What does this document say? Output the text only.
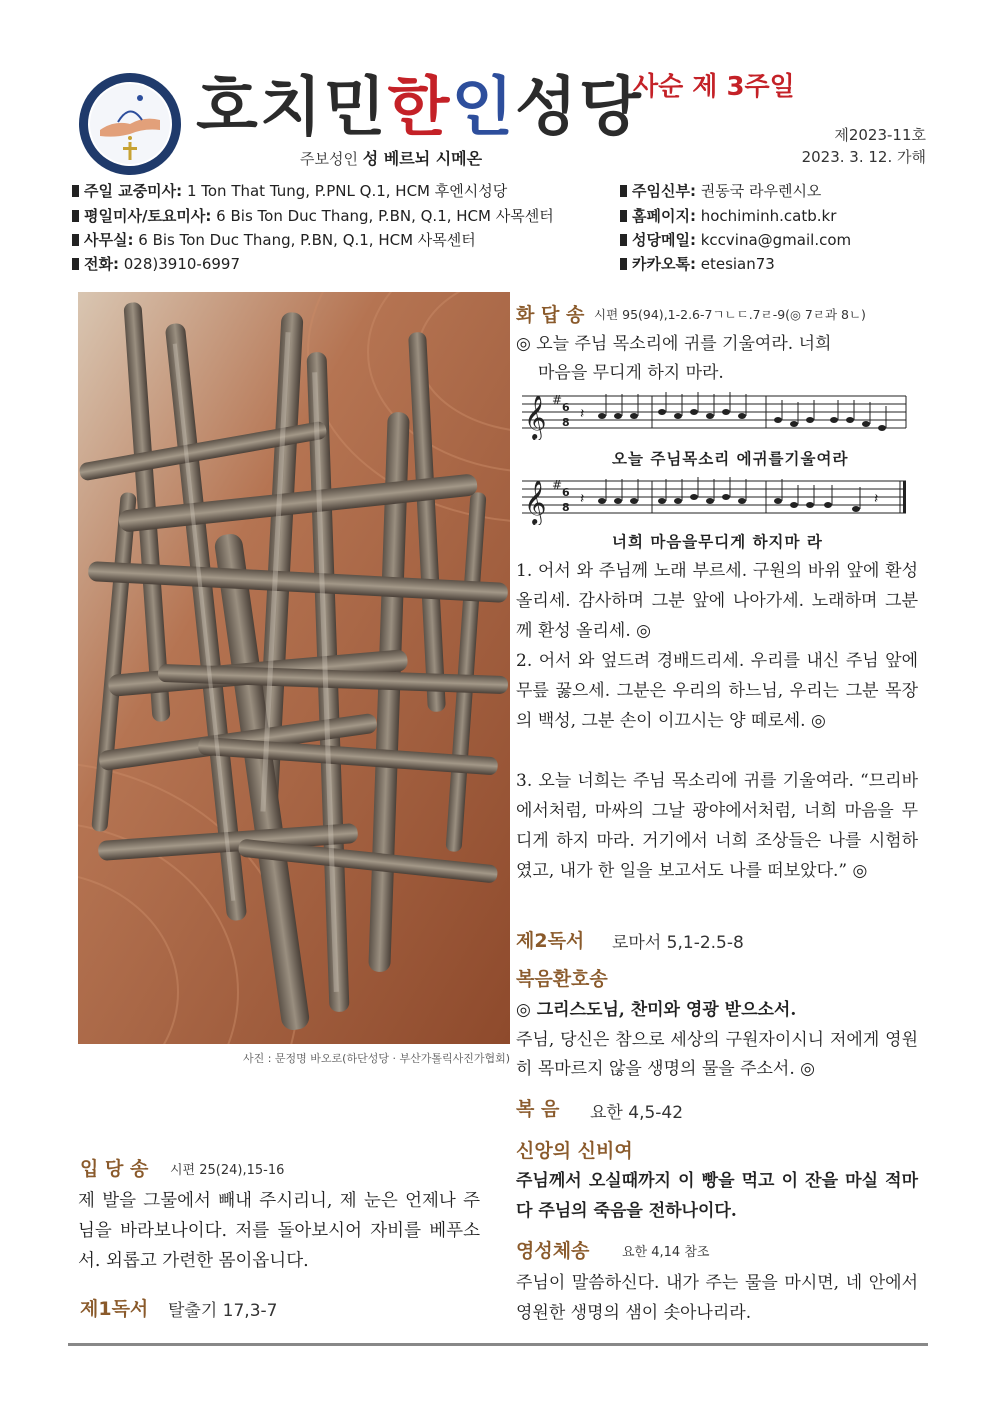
호치민한인성당
사순 제 3주일
주보성인 성 베르뇌 시메온
제2023-11호
2023. 3. 12. 가해
주일 교중미사: 1 Ton That Tung, P.PNL Q.1, HCM 후엔시성당
평일미사/토요미사: 6 Bis Ton Duc Thang, P.BN, Q.1, HCM 사목센터
사무실: 6 Bis Ton Duc Thang, P.BN, Q.1, HCM 사목센터
전화: 028)3910-6997
주임신부: 권동국 라우렌시오
홈페이지: hochiminh.catb.kr
성당메일: kccvina@gmail.com
카카오톡: etesian73
사진 : 문정명 바오로(하단성당 · 부산가톨릭사진가협회)
입 당 송 시편 25(24),15-16
제 발을 그물에서 빼내 주시리니, 제 눈은 언제나 주님을 바라보나이다. 저를 돌아보시어 자비를 베푸소서. 외롭고 가련한 몸이옵니다.
제1독서 탈출기 17,3-7
화 답 송 시편 95(94),1-2.6-7ㄱㄴㄷ.7ㄹ-9(◎ 7ㄹ과 8ㄴ)
◎ 오늘 주님 목소리에 귀를 기울여라. 너희
마음을 무디게 하지 마라.
𝄞 #
6
8
𝄽
오늘 주님목소리 에귀를기울여라
𝄞 #
6
8
𝄽	𝄽
너희 마음을무디게 하지마 라
1. 어서 와 주님께 노래 부르세. 구원의 바위 앞에 환성 올리세. 감사하며 그분 앞에 나아가세. 노래하며 그분께 환성 올리세. ◎
2. 어서 와 엎드려 경배드리세. 우리를 내신 주님 앞에 무릎 꿇으세. 그분은 우리의 하느님, 우리는 그분 목장의 백성, 그분 손이 이끄시는 양 떼로세. ◎
3. 오늘 너희는 주님 목소리에 귀를 기울여라. “므리바에서처럼, 마싸의 그날 광야에서처럼, 너희 마음을 무디게 하지 마라. 거기에서 너희 조상들은 나를 시험하였고, 내가 한 일을 보고서도 나를 떠보았다.” ◎
제2독서 로마서 5,1-2.5-8
복음환호송
◎ 그리스도님, 찬미와 영광 받으소서.
주님, 당신은 참으로 세상의 구원자이시니 저에게 영원히 목마르지 않을 생명의 물을 주소서. ◎
복 음 요한 4,5-42
신앙의 신비여
주님께서 오실때까지 이 빵을 먹고 이 잔을 마실 적마다 주님의 죽음을 전하나이다.
영성체송	요한 4,14 참조
주님이 말씀하신다. 내가 주는 물을 마시면, 네 안에서 영원한 생명의 샘이 솟아나리라.
